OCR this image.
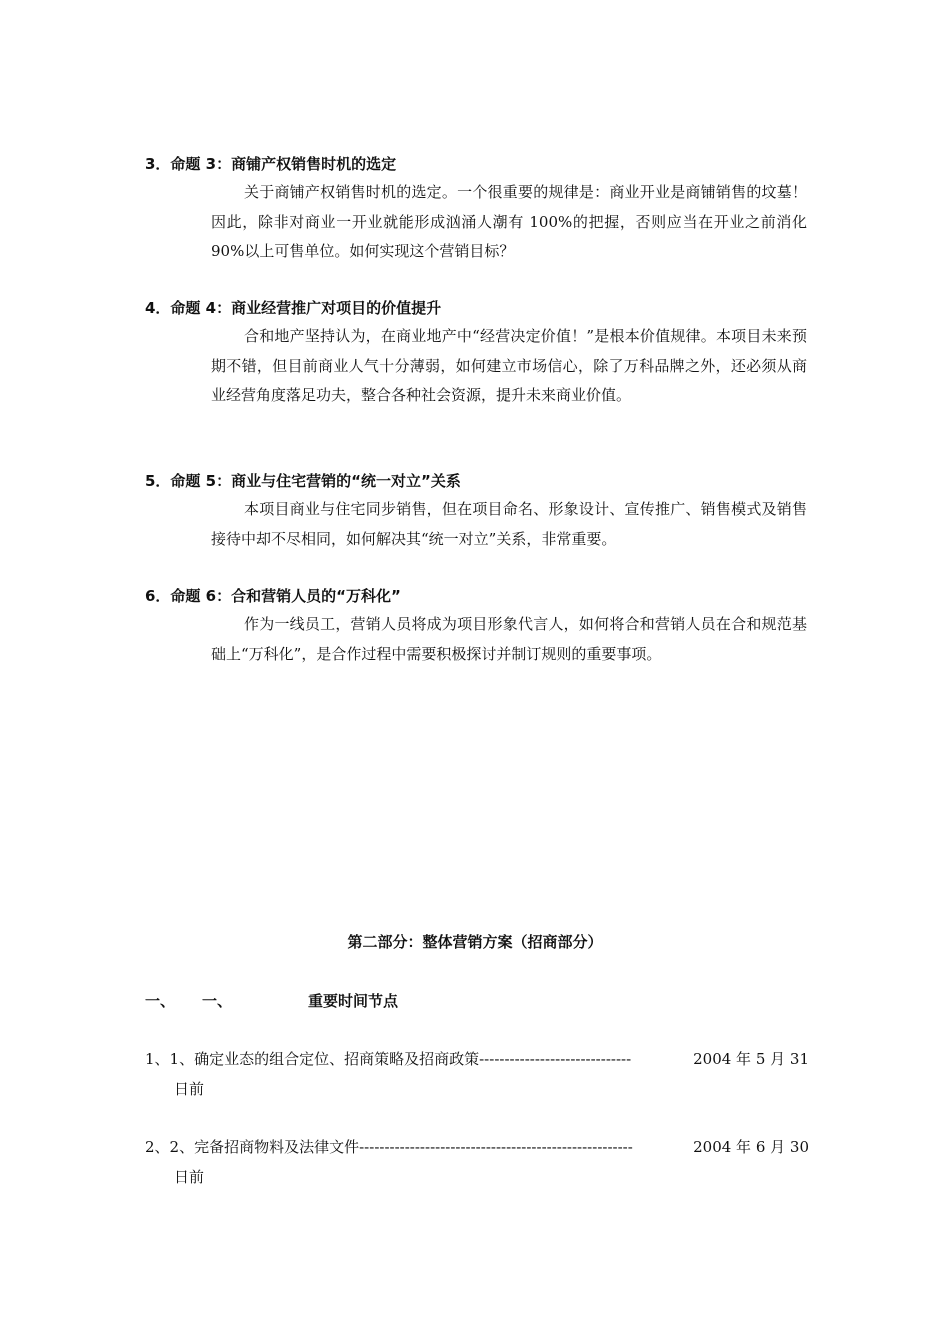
3．命题 3：商铺产权销售时机的选定
关于商铺产权销售时机的选定。一个很重要的规律是：商业开业是商铺销售的坟墓！因此，除非对商业一开业就能形成汹涌人潮有 100%的把握，否则应当在开业之前消化 90%以上可售单位。如何实现这个营销目标？
4．命题 4：商业经营推广对项目的价值提升
合和地产坚持认为，在商业地产中“经营决定价值！”是根本价值规律。本项目未来预期不错，但目前商业人气十分薄弱，如何建立市场信心，除了万科品牌之外，还必须从商业经营角度落足功夫，整合各种社会资源，提升未来商业价值。
5．命题 5：商业与住宅营销的“统一对立”关系
本项目商业与住宅同步销售，但在项目命名、形象设计、宣传推广、销售模式及销售接待中却不尽相同，如何解决其“统一对立”关系，非常重要。
6．命题 6：合和营销人员的“万科化”
作为一线员工，营销人员将成为项目形象代言人，如何将合和营销人员在合和规范基础上“万科化”，是合作过程中需要积极探讨并制订规则的重要事项。
第二部分：整体营销方案（招商部分）
一、 一、	重要时间节点
1、1、 确定业态的组合定位、招商策略及招商政策 ------------------------------	2004 年 5 月 31
日前
2、2、 完备招商物料及法律文件 ------------------------------------------------------	2004 年 6 月 30
日前
